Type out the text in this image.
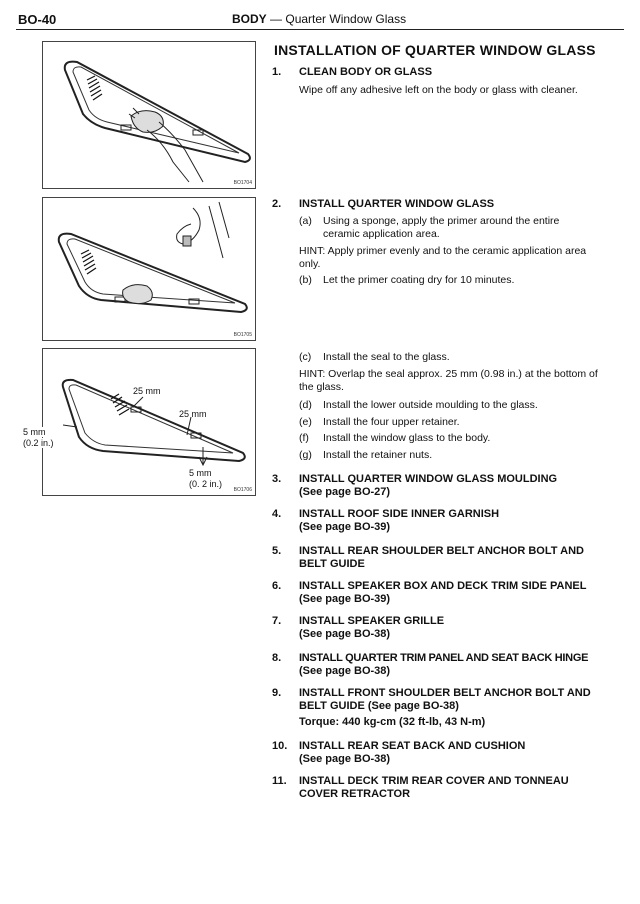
BO-40	BODY — Quarter Window Glass
BO1704
BO1705
25 mm
25 mm
5 mm
(0.2 in.)
5 mm
(0. 2 in.)
BO1706
INSTALLATION OF QUARTER WINDOW GLASS
1. CLEAN BODY OR GLASS
Wipe off any adhesive left on the body or glass with cleaner.
2. INSTALL QUARTER WINDOW GLASS
(a) Using a sponge, apply the primer around the entire ceramic application area.
HINT: Apply primer evenly and to the ceramic application area only.
(b) Let the primer coating dry for 10 minutes.
(c) Install the seal to the glass.
HINT: Overlap the seal approx. 25 mm (0.98 in.) at the bottom of the glass.
(d) Install the lower outside moulding to the glass.
(e) Install the four upper retainer.
(f) Install the window glass to the body.
(g) Install the retainer nuts.
3. INSTALL QUARTER WINDOW GLASS MOULDING
(See page BO-27)
4. INSTALL ROOF SIDE INNER GARNISH
(See page BO-39)
5. INSTALL REAR SHOULDER BELT ANCHOR BOLT AND BELT GUIDE
6. INSTALL SPEAKER BOX AND DECK TRIM SIDE PANEL
(See page BO-39)
7. INSTALL SPEAKER GRILLE
(See page BO-38)
8. INSTALL QUARTER TRIM PANEL AND SEAT BACK HINGE
(See page BO-38)
9. INSTALL FRONT SHOULDER BELT ANCHOR BOLT AND BELT GUIDE (See page BO-38)
Torque: 440 kg-cm (32 ft-lb, 43 N-m)
10. INSTALL REAR SEAT BACK AND CUSHION
(See page BO-38)
11. INSTALL DECK TRIM REAR COVER AND TONNEAU COVER RETRACTOR
